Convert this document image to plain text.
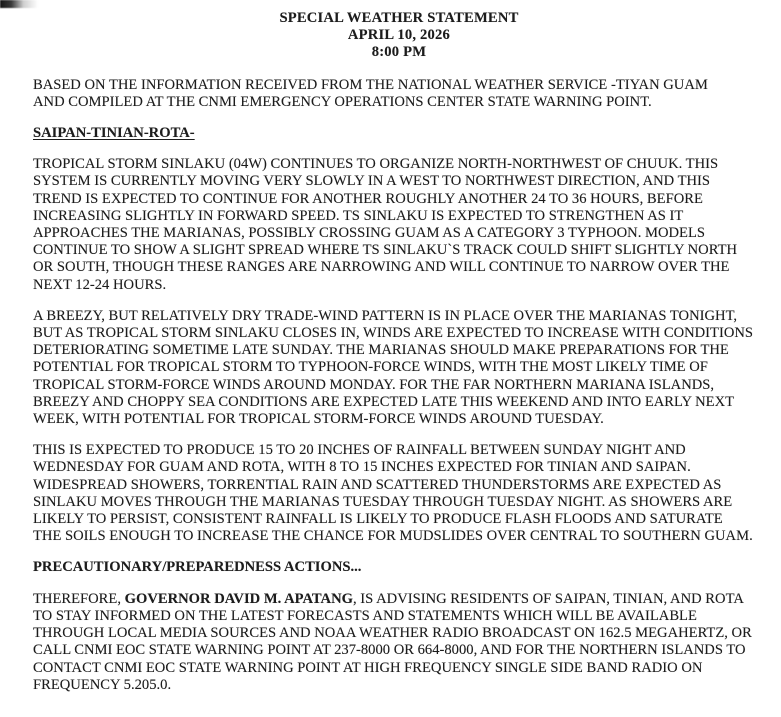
SPECIAL WEATHER STATEMENT
APRIL 10, 2026
8:00 PM
BASED ON THE INFORMATION RECEIVED FROM THE NATIONAL WEATHER SERVICE -TIYAN GUAM
AND COMPILED AT THE CNMI EMERGENCY OPERATIONS CENTER STATE WARNING POINT.
SAIPAN-TINIAN-ROTA-
TROPICAL STORM SINLAKU (04W) CONTINUES TO ORGANIZE NORTH-NORTHWEST OF CHUUK. THIS
SYSTEM IS CURRENTLY MOVING VERY SLOWLY IN A WEST TO NORTHWEST DIRECTION, AND THIS
TREND IS EXPECTED TO CONTINUE FOR ANOTHER ROUGHLY ANOTHER 24 TO 36 HOURS, BEFORE
INCREASING SLIGHTLY IN FORWARD SPEED. TS SINLAKU IS EXPECTED TO STRENGTHEN AS IT
APPROACHES THE MARIANAS, POSSIBLY CROSSING GUAM AS A CATEGORY 3 TYPHOON. MODELS
CONTINUE TO SHOW A SLIGHT SPREAD WHERE TS SINLAKU`S TRACK COULD SHIFT SLIGHTLY NORTH
OR SOUTH, THOUGH THESE RANGES ARE NARROWING AND WILL CONTINUE TO NARROW OVER THE
NEXT 12-24 HOURS.
A BREEZY, BUT RELATIVELY DRY TRADE-WIND PATTERN IS IN PLACE OVER THE MARIANAS TONIGHT,
BUT AS TROPICAL STORM SINLAKU CLOSES IN, WINDS ARE EXPECTED TO INCREASE WITH CONDITIONS
DETERIORATING SOMETIME LATE SUNDAY. THE MARIANAS SHOULD MAKE PREPARATIONS FOR THE
POTENTIAL FOR TROPICAL STORM TO TYPHOON-FORCE WINDS, WITH THE MOST LIKELY TIME OF
TROPICAL STORM-FORCE WINDS AROUND MONDAY. FOR THE FAR NORTHERN MARIANA ISLANDS,
BREEZY AND CHOPPY SEA CONDITIONS ARE EXPECTED LATE THIS WEEKEND AND INTO EARLY NEXT
WEEK, WITH POTENTIAL FOR TROPICAL STORM-FORCE WINDS AROUND TUESDAY.
THIS IS EXPECTED TO PRODUCE 15 TO 20 INCHES OF RAINFALL BETWEEN SUNDAY NIGHT AND
WEDNESDAY FOR GUAM AND ROTA, WITH 8 TO 15 INCHES EXPECTED FOR TINIAN AND SAIPAN.
WIDESPREAD SHOWERS, TORRENTIAL RAIN AND SCATTERED THUNDERSTORMS ARE EXPECTED AS
SINLAKU MOVES THROUGH THE MARIANAS TUESDAY THROUGH TUESDAY NIGHT. AS SHOWERS ARE
LIKELY TO PERSIST, CONSISTENT RAINFALL IS LIKELY TO PRODUCE FLASH FLOODS AND SATURATE
THE SOILS ENOUGH TO INCREASE THE CHANCE FOR MUDSLIDES OVER CENTRAL TO SOUTHERN GUAM.
PRECAUTIONARY/PREPAREDNESS ACTIONS...
THEREFORE, GOVERNOR DAVID M. APATANG, IS ADVISING RESIDENTS OF SAIPAN, TINIAN, AND ROTA
TO STAY INFORMED ON THE LATEST FORECASTS AND STATEMENTS WHICH WILL BE AVAILABLE
THROUGH LOCAL MEDIA SOURCES AND NOAA WEATHER RADIO BROADCAST ON 162.5 MEGAHERTZ, OR
CALL CNMI EOC STATE WARNING POINT AT 237-8000 OR 664-8000, AND FOR THE NORTHERN ISLANDS TO
CONTACT CNMI EOC STATE WARNING POINT AT HIGH FREQUENCY SINGLE SIDE BAND RADIO ON
FREQUENCY 5.205.0.
